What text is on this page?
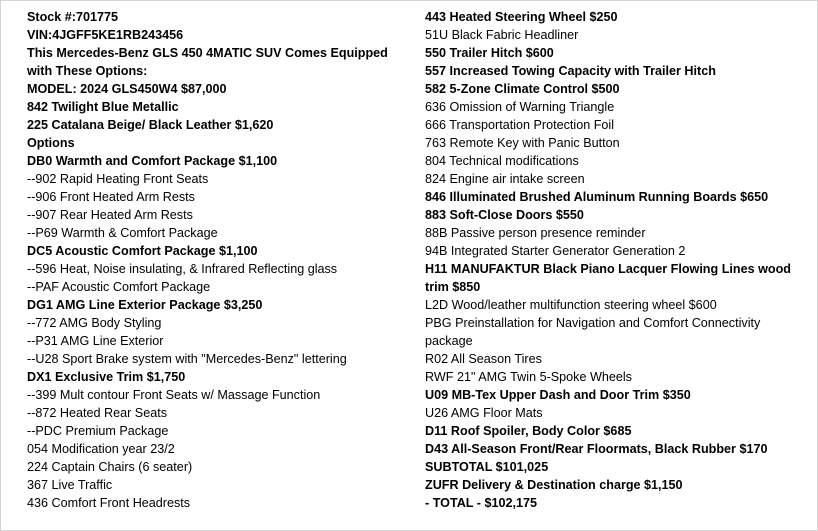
Stock #:701775
VIN:4JGFF5KE1RB243456
This Mercedes-Benz GLS 450 4MATIC SUV Comes Equipped
with These Options:
MODEL: 2024 GLS450W4 $87,000
842 Twilight Blue Metallic
225 Catalana Beige/ Black Leather $1,620
Options
DB0 Warmth and Comfort Package $1,100
--902 Rapid Heating Front Seats
--906 Front Heated Arm Rests
--907 Rear Heated Arm Rests
--P69 Warmth & Comfort Package
DC5 Acoustic Comfort Package $1,100
--596 Heat, Noise insulating, & Infrared Reflecting glass
--PAF Acoustic Comfort Package
DG1 AMG Line Exterior Package $3,250
--772 AMG Body Styling
--P31 AMG Line Exterior
--U28 Sport Brake system with "Mercedes-Benz" lettering
DX1 Exclusive Trim $1,750
--399 Mult contour Front Seats w/ Massage Function
--872 Heated Rear Seats
--PDC Premium Package
054 Modification year 23/2
224 Captain Chairs (6 seater)
367 Live Traffic
436 Comfort Front Headrests
443 Heated Steering Wheel $250
51U Black Fabric Headliner
550 Trailer Hitch $600
557 Increased Towing Capacity with Trailer Hitch
582 5-Zone Climate Control $500
636 Omission of Warning Triangle
666 Transportation Protection Foil
763 Remote Key with Panic Button
804 Technical modifications
824 Engine air intake screen
846 Illuminated Brushed Aluminum Running Boards $650
883 Soft-Close Doors $550
88B Passive person presence reminder
94B Integrated Starter Generator Generation 2
H11 MANUFAKTUR Black Piano Lacquer Flowing Lines wood
trim $850
L2D Wood/leather multifunction steering wheel $600
PBG Preinstallation for Navigation and Comfort Connectivity
package
R02 All Season Tires
RWF 21" AMG Twin 5-Spoke Wheels
U09 MB-Tex Upper Dash and Door Trim $350
U26 AMG Floor Mats
D11 Roof Spoiler, Body Color $685
D43 All-Season Front/Rear Floormats, Black Rubber $170
SUBTOTAL $101,025
ZUFR Delivery & Destination charge $1,150
- TOTAL - $102,175
